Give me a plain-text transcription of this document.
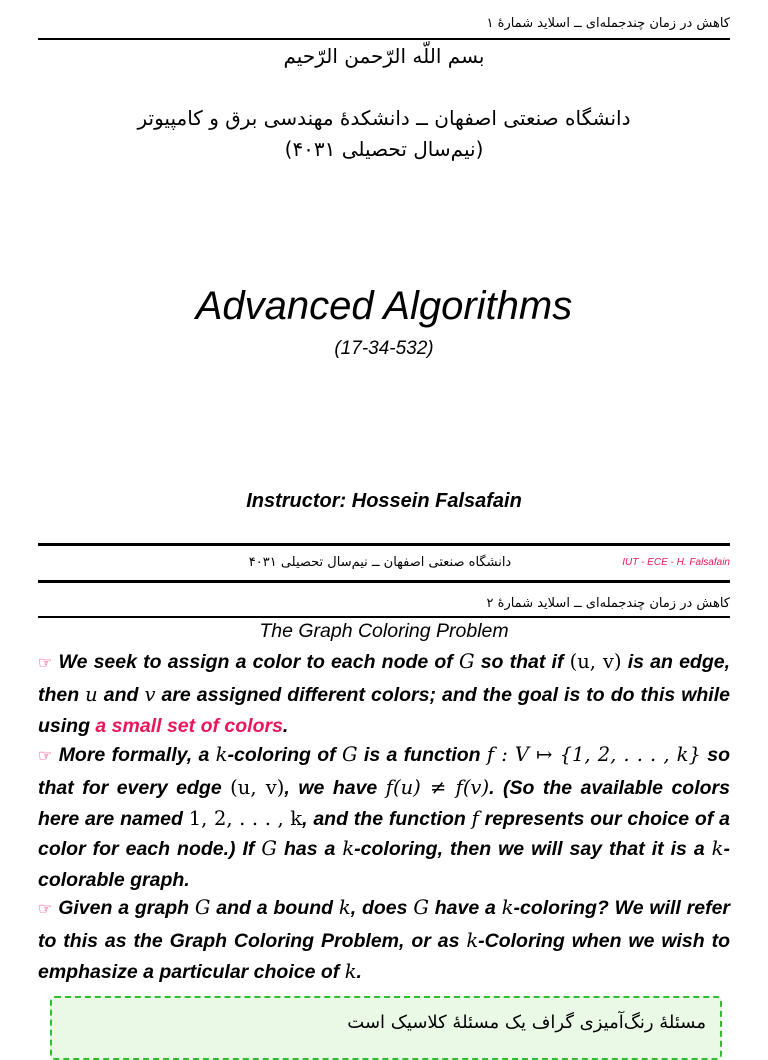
کاهش در زمان چندجمله‌ای ــ اسلاید شمارهٔ ۱
بسم اللّه الرّحمن الرّحیم
دانشگاه صنعتی اصفهان ــ دانشکدهٔ مهندسی برق و کامپیوتر
(نیم‌سال تحصیلی ۴۰۳۱)
Advanced Algorithms
(17-34-532)
Instructor: Hossein Falsafain
دانشگاه صنعتی اصفهان ــ نیم‌سال تحصیلی ۴۰۳۱	IUT - ECE - H. Falsafain
کاهش در زمان چندجمله‌ای ــ اسلاید شمارهٔ ۲
The Graph Coloring Problem
☞ We seek to assign a color to each node of G so that if (u, v) is an edge, then u and v are assigned different colors; and the goal is to do this while using a small set of colors.
☞ More formally, a k-coloring of G is a function f : V ↦ {1, 2, . . . , k} so that for every edge (u, v), we have f(u) ≠ f(v). (So the available colors here are named 1, 2, . . . , k, and the function f represents our choice of a color for each node.) If G has a k-coloring, then we will say that it is a k-colorable graph.
☞ Given a graph G and a bound k, does G have a k-coloring? We will refer to this as the Graph Coloring Problem, or as k-Coloring when we wish to emphasize a particular choice of k.
مسئلهٔ رنگ‌آمیزی گراف یک مسئلهٔ کلاسیک است
